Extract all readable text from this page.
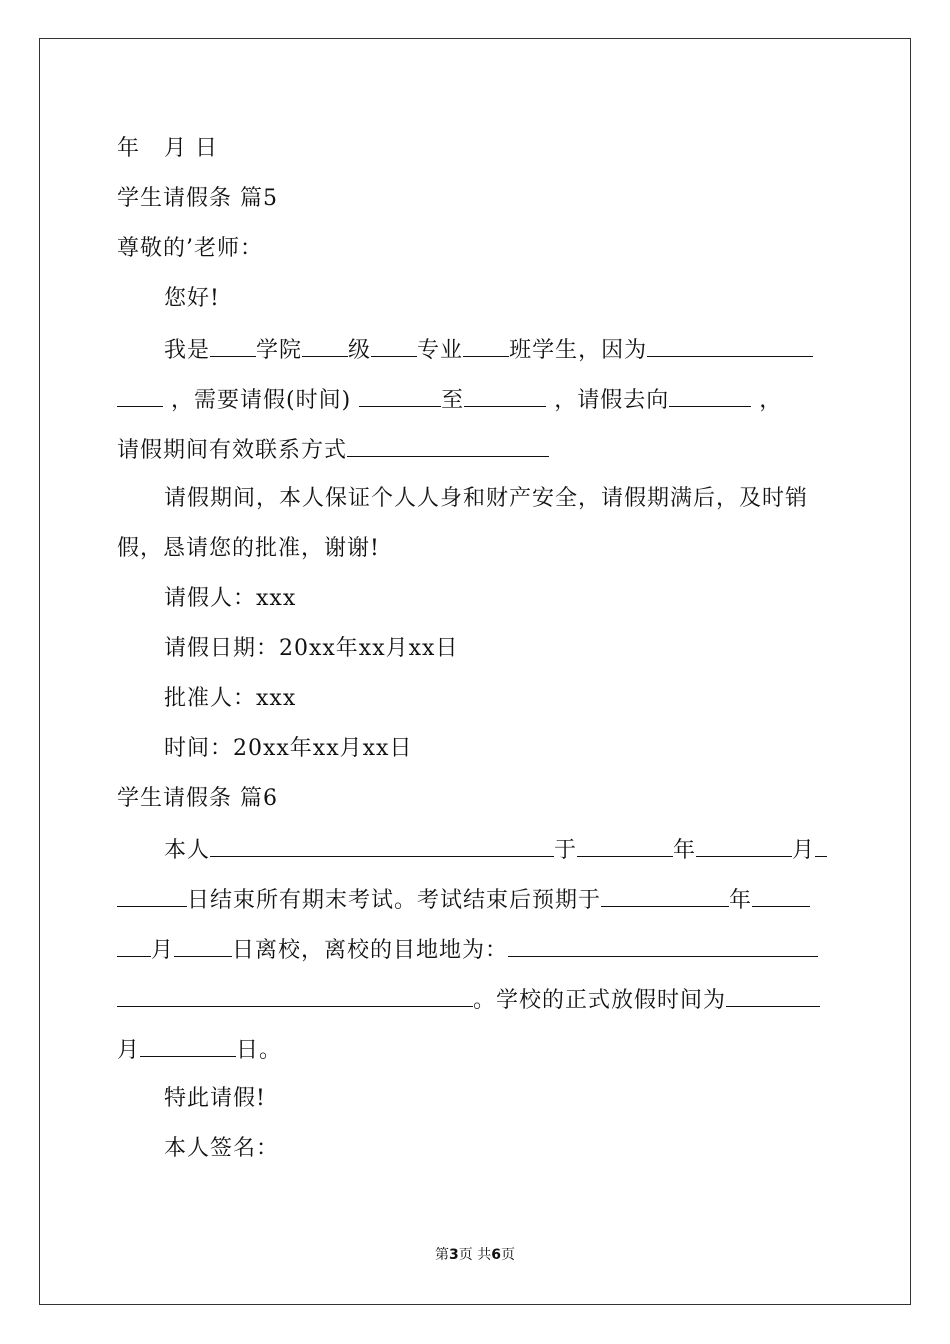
年   月 日
学生请假条 篇5
尊敬的’老师：
您好!
我是 学院 级 专业 班学生，因为
，需要请假(时间)	至	，请假去向	，
请假期间有效联系方式
请假期间，本人保证个人人身和财产安全，请假期满后，及时销
假，恳请您的批准，谢谢!
请假人：xxx
请假日期：20xx年xx月xx日
批准人：xxx
时间：20xx年xx月xx日
学生请假条 篇6
本人	于	年	月
日结束所有期末考试。考试结束后预期于	年
月	日离校，离校的目地地为：
。学校的正式放假时间为
月	日。
特此请假!
本人签名：
第3页 共6页
